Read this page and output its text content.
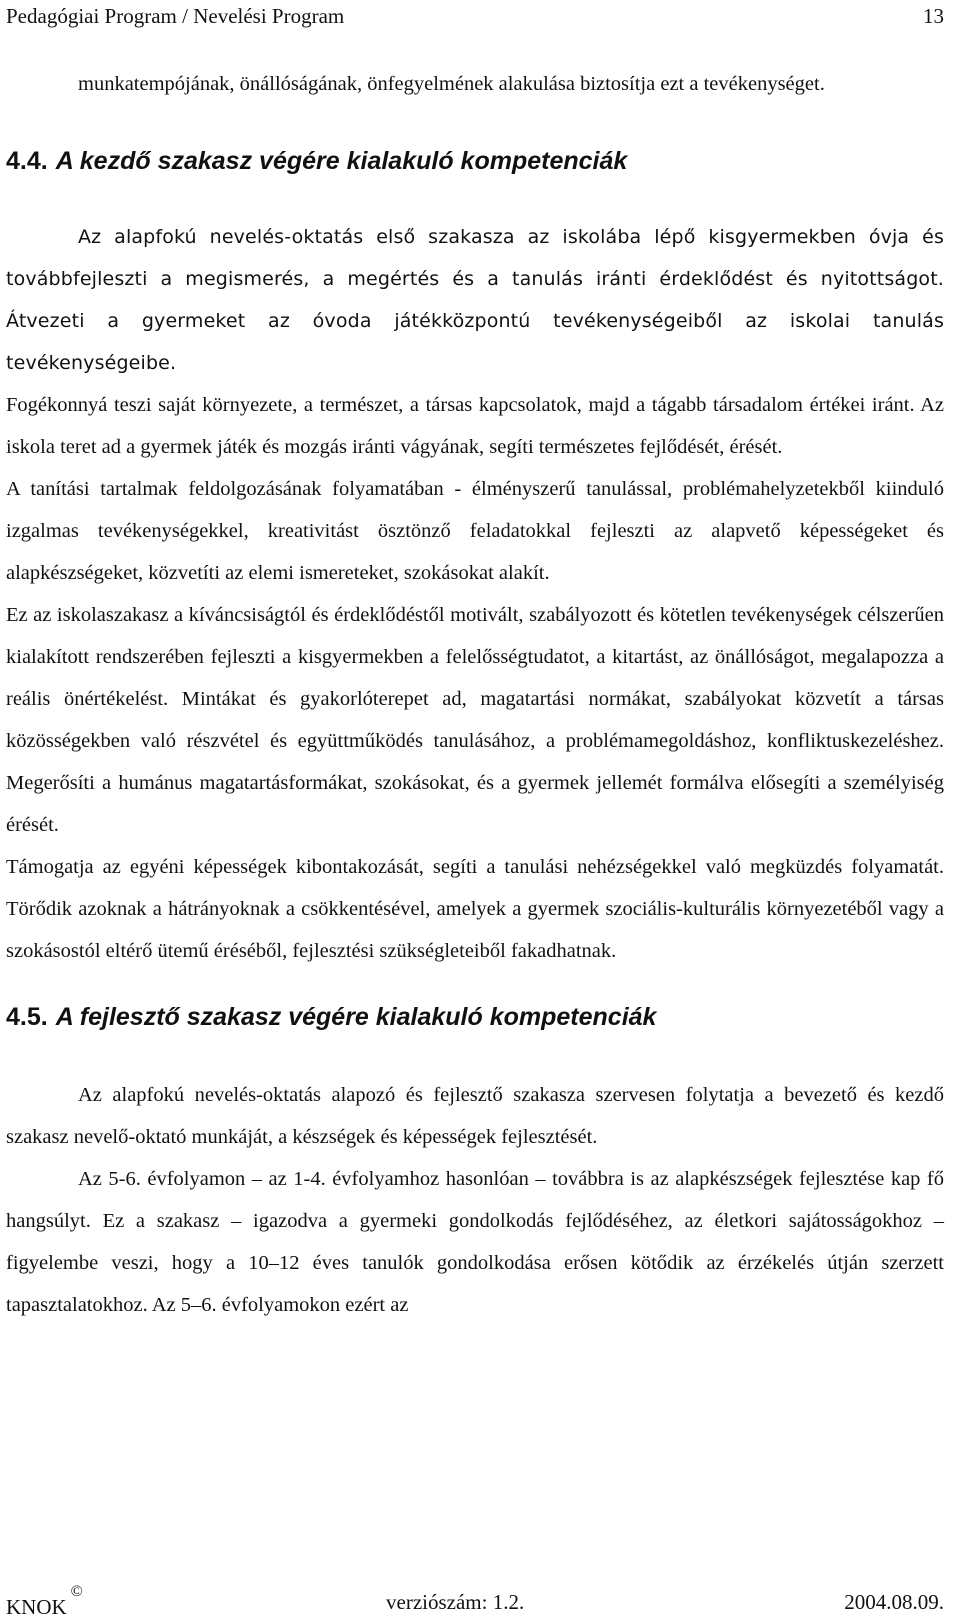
Pedagógiai Program / Nevelési Program	13

munkatempójának, önállóságának, önfegyelmének alakulása biztosítja ezt a tevékenységet.

4.4. A kezdő szakasz végére kialakuló kompetenciák

Az alapfokú nevelés-oktatás első szakasza az iskolába lépő kisgyermekben óvja és továbbfejleszti a megismerés, a megértés és a tanulás iránti érdeklődést és nyitottságot. Átvezeti a gyermeket az óvoda játékközpontú tevékenységeiből az iskolai tanulás tevékenységeibe.

Fogékonnyá teszi saját környezete, a természet, a társas kapcsolatok, majd a tágabb társadalom értékei iránt. Az iskola teret ad a gyermek játék és mozgás iránti vágyának, segíti természetes fejlődését, érését.

A tanítási tartalmak feldolgozásának folyamatában - élményszerű tanulással, problémahelyzetekből kiinduló izgalmas tevékenységekkel, kreativitást ösztönző feladatokkal fejleszti az alapvető képességeket és alapkészségeket, közvetíti az elemi ismereteket, szokásokat alakít.

Ez az iskolaszakasz a kíváncsiságtól és érdeklődéstől motivált, szabályozott és kötetlen tevékenységek célszerűen kialakított rendszerében fejleszti a kisgyermekben a felelősségtudatot, a kitartást, az önállóságot, megalapozza a reális önértékelést. Mintákat és gyakorlóterepet ad, magatartási normákat, szabályokat közvetít a társas közösségekben való részvétel és együttműködés tanulásához, a problémamegoldáshoz, konfliktuskezeléshez. Megerősíti a humánus magatartásformákat, szokásokat, és a gyermek jellemét formálva elősegíti a személyiség érését.

Támogatja az egyéni képességek kibontakozását, segíti a tanulási nehézségekkel való megküzdés folyamatát. Törődik azoknak a hátrányoknak a csökkentésével, amelyek a gyermek szociális-kulturális környezetéből vagy a szokásostól eltérő ütemű éréséből, fejlesztési szükségleteiből fakadhatnak.

4.5. A fejlesztő szakasz végére kialakuló kompetenciák

Az alapfokú nevelés-oktatás alapozó és fejlesztő szakasza szervesen folytatja a bevezető és kezdő szakasz nevelő-oktató munkáját, a készségek és képességek fejlesztését.

Az 5-6. évfolyamon – az 1-4. évfolyamhoz hasonlóan – továbbra is az alapkészségek fejlesztése kap fő hangsúlyt. Ez a szakasz – igazodva a gyermeki gondolkodás fejlődéséhez, az életkori sajátosságokhoz – figyelembe veszi, hogy a 10–12 éves tanulók gondolkodása erősen kötődik az érzékelés útján szerzett tapasztalatokhoz. Az 5–6. évfolyamokon ezért az

KNOK©	verziószám: 1.2.	2004.08.09.
